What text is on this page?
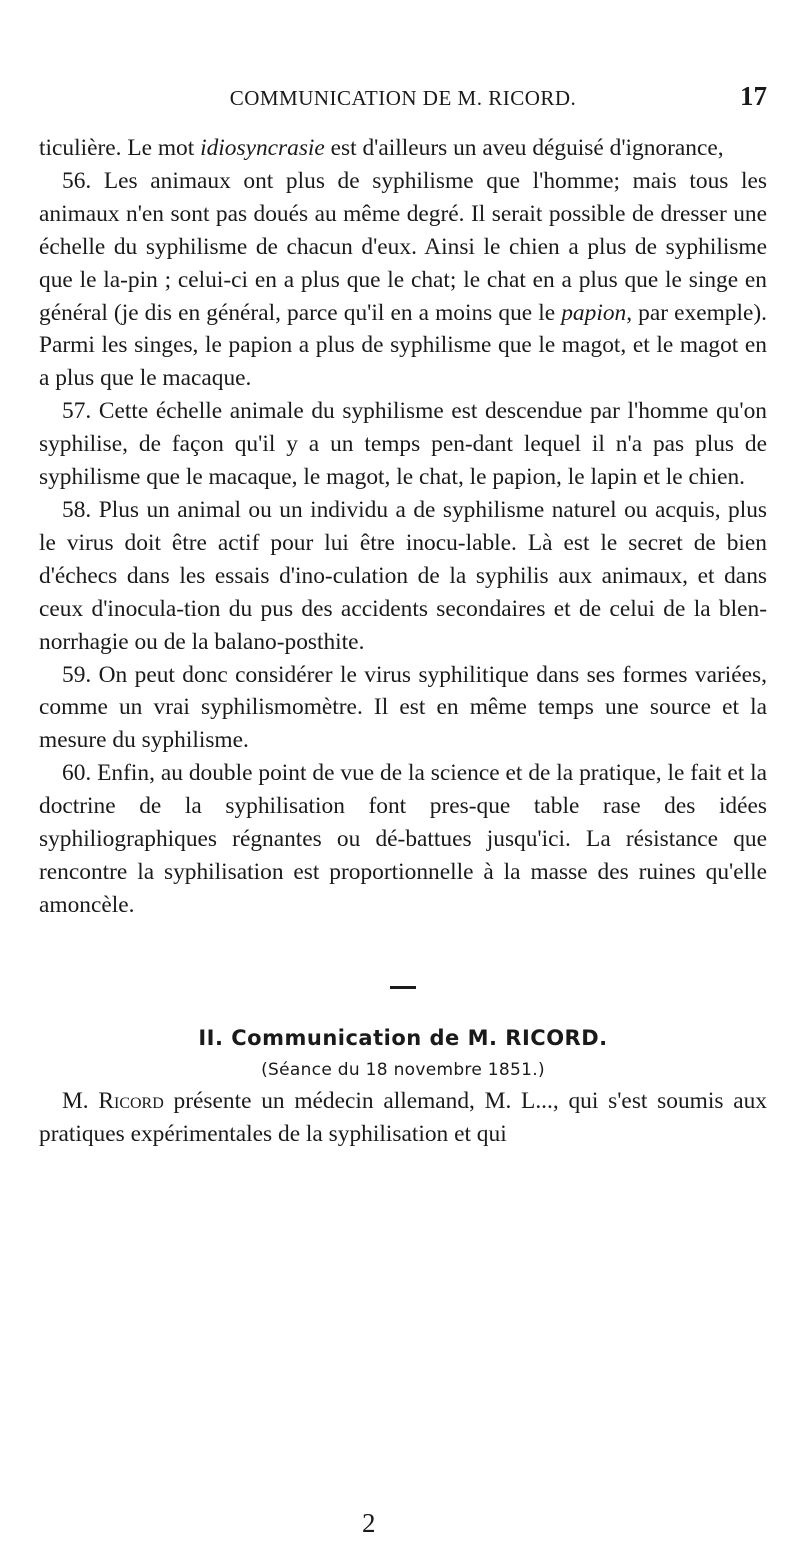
COMMUNICATION DE M. RICORD.	17

ticulière. Le mot idiosyncrasie est d'ailleurs un aveu déguisé d'ignorance,

56. Les animaux ont plus de syphilisme que l'homme; mais tous les animaux n'en sont pas doués au même degré. Il serait possible de dresser une échelle du syphilisme de chacun d'eux. Ainsi le chien a plus de syphilisme que le la-pin ; celui-ci en a plus que le chat; le chat en a plus que le singe en général (je dis en général, parce qu'il en a moins que le papion, par exemple). Parmi les singes, le papion a plus de syphilisme que le magot, et le magot en a plus que le macaque.

57. Cette échelle animale du syphilisme est descendue par l'homme qu'on syphilise, de façon qu'il y a un temps pen-dant lequel il n'a pas plus de syphilisme que le macaque, le magot, le chat, le papion, le lapin et le chien.

58. Plus un animal ou un individu a de syphilisme naturel ou acquis, plus le virus doit être actif pour lui être inocu-lable. Là est le secret de bien d'échecs dans les essais d'ino-culation de la syphilis aux animaux, et dans ceux d'inocula-tion du pus des accidents secondaires et de celui de la blen-norrhagie ou de la balano-posthite.

59. On peut donc considérer le virus syphilitique dans ses formes variées, comme un vrai syphilismomètre. Il est en même temps une source et la mesure du syphilisme.

60. Enfin, au double point de vue de la science et de la pratique, le fait et la doctrine de la syphilisation font pres-que table rase des idées syphiliographiques régnantes ou dé-battues jusqu'ici. La résistance que rencontre la syphilisation est proportionnelle à la masse des ruines qu'elle amoncèle.

II. Communication de M. RICORD.
(Séance du 18 novembre 1851.)

M. Ricord présente un médecin allemand, M. L..., qui s'est soumis aux pratiques expérimentales de la syphilisation et qui

2
